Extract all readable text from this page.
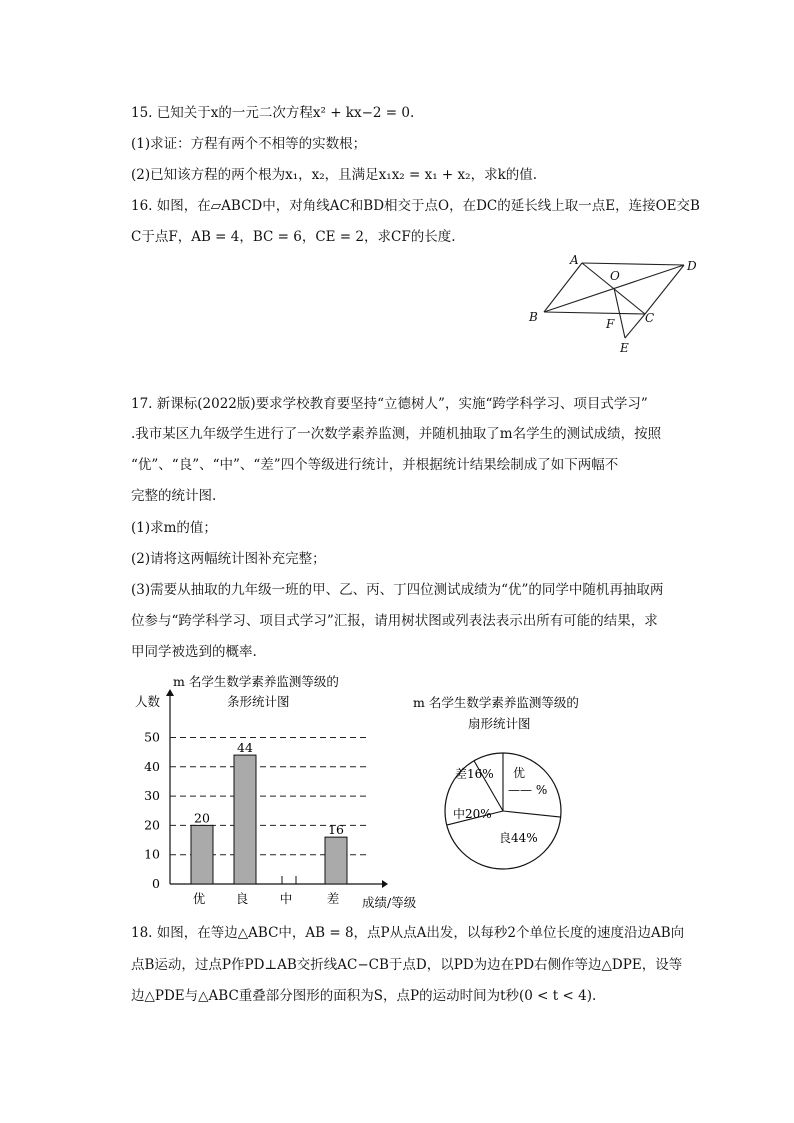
15. 已知关于x的一元二次方程x² + kx−2 = 0.
(1)求证：方程有两个不相等的实数根；
(2)已知该方程的两个根为x₁，x₂，且满足x₁x₂ = x₁ + x₂，求k的值.
16. 如图，在▱ABCD中，对角线AC和BD相交于点O，在DC的延长线上取一点E，连接OE交B
C于点F，AB = 4，BC = 6，CE = 2，求CF的长度.
A
O
D
B	F	C
E
17. 新课标(2022版)要求学校教育要坚持“立德树人”，实施“跨学科学习、项目式学习”
.我市某区九年级学生进行了一次数学素养监测，并随机抽取了m名学生的测试成绩，按照
“优”、“良”、“中”、“差”四个等级进行统计，并根据统计结果绘制成了如下两幅不
完整的统计图.
(1)求m的值；
(2)请将这两幅统计图补充完整；
(3)需要从抽取的九年级一班的甲、乙、丙、丁四位测试成绩为“优”的同学中随机再抽取两
位参与“跨学科学习、项目式学习”汇报，请用树状图或列表法表示出所有可能的结果，求
甲同学被选到的概率.
m 名学生数学素养监测等级的
条形统计图
人数
成绩/等级
0
10
20
30
40
50
20
优
44
良	中
16
差
m 名学生数学素养监测等级的
扇形统计图
优
良44%
中20%
差16%
—— %
18. 如图，在等边△ABC中，AB = 8，点P从点A出发，以每秒2个单位长度的速度沿边AB向
点B运动，过点P作PD⊥AB交折线AC−CB于点D，以PD为边在PD右侧作等边△DPE，设等
边△PDE与△ABC重叠部分图形的面积为S，点P的运动时间为t秒(0 < t < 4).
